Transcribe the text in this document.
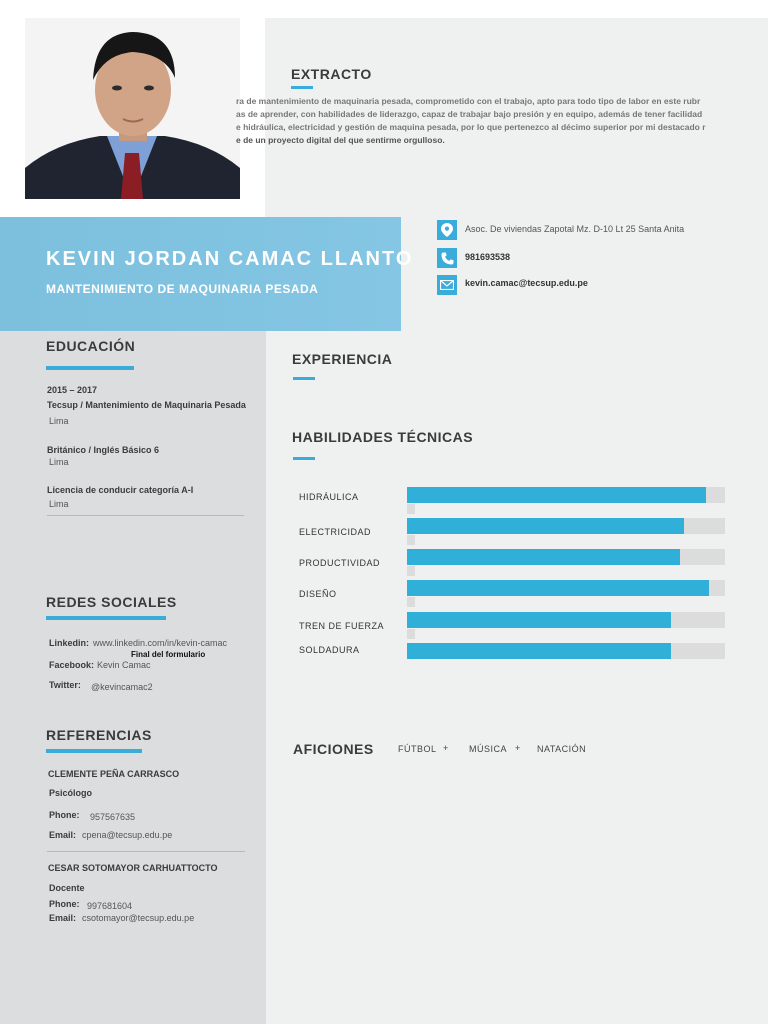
EXTRACTO
ra de mantenimiento de maquinaria pesada, comprometido con el trabajo, apto para todo tipo de labor en este rubr
as de aprender, con habilidades de liderazgo, capaz de trabajar bajo presión y en equipo, además de tener facilidad
e hidráulica, electricidad y gestión de maquina pesada, por lo que pertenezco al décimo superior por mi destacado r
e de un proyecto digital del que sentirme orgulloso.
KEVIN JORDAN CAMAC LLANTO
MANTENIMIENTO DE MAQUINARIA PESADA
Asoc. De viviendas Zapotal Mz. D-10 Lt 25 Santa Anita
981693538
kevin.camac@tecsup.edu.pe
EDUCACIÓN
2015 – 2017
Tecsup / Mantenimiento de Maquinaria Pesada
Lima
Británico / Inglés Básico 6
Lima
Licencia de conducir categoría A-I
Lima
REDES SOCIALES
Linkedin: www.linkedin.com/in/kevin-camac
Final del formulario
Facebook: Kevin Camac
Twitter: @kevincamac2
REFERENCIAS
CLEMENTE PEÑA CARRASCO
Psicólogo
Phone: 957567635
Email: cpena@tecsup.edu.pe
CESAR SOTOMAYOR CARHUATTOCTO
Docente
Phone: 997681604
Email: csotomayor@tecsup.edu.pe
EXPERIENCIA
HABILIDADES TÉCNICAS
HIDRÁULICA
ELECTRICIDAD
PRODUCTIVIDAD
DISEÑO
TREN DE FUERZA
SOLDADURA
AFICIONES	FÚTBOL + MÚSICA + NATACIÓN
